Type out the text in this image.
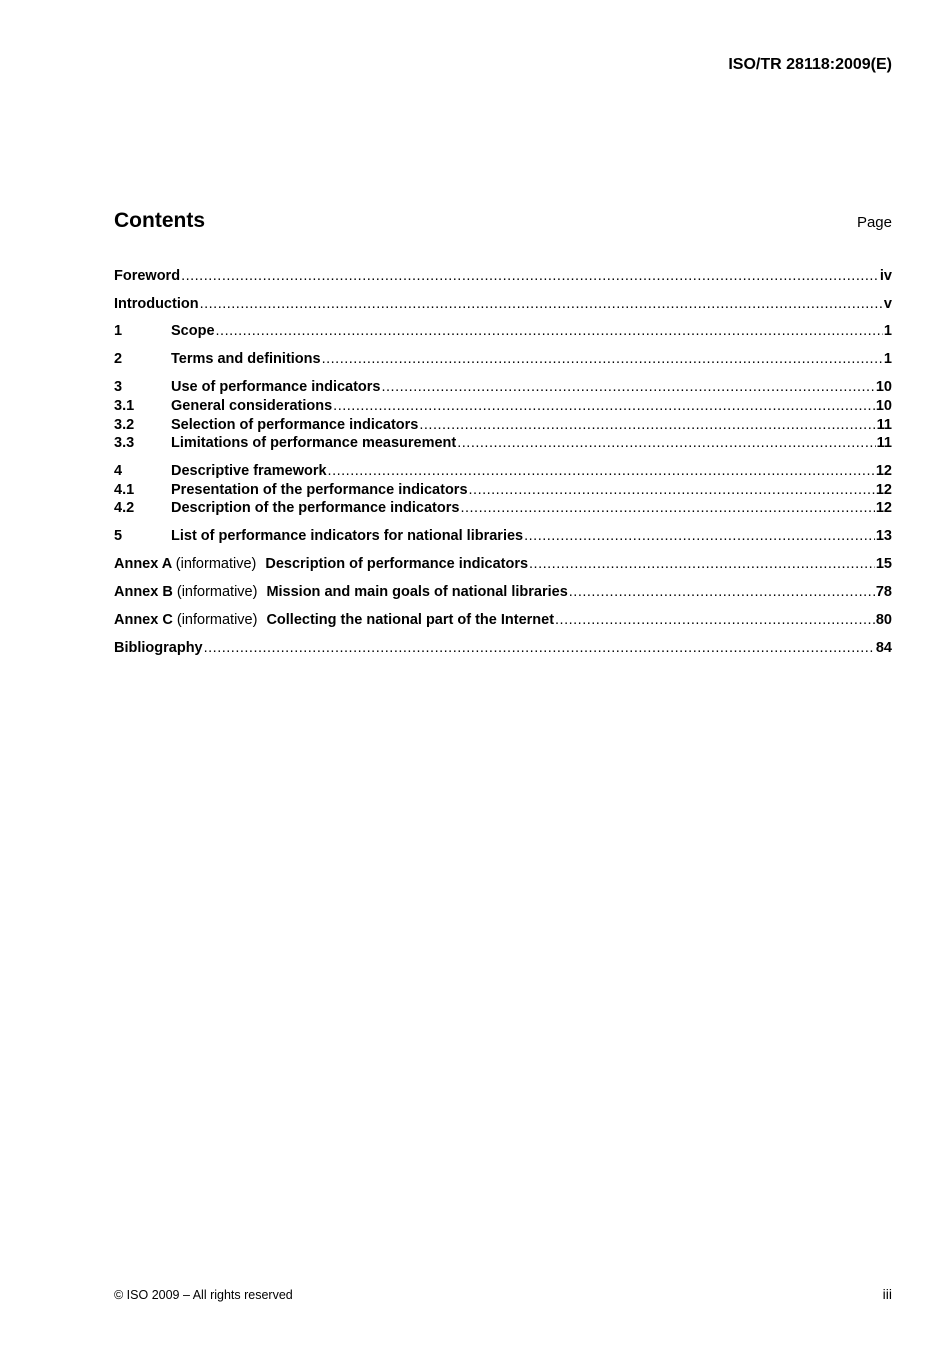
ISO/TR 28118:2009(E)
Contents	Page
Foreword .....	iv
Introduction .....	v
1	Scope .....	1
2	Terms and definitions .....	1
3	Use of performance indicators .....	10
3.1	General considerations .....	10
3.2	Selection of performance indicators .....	11
3.3	Limitations of performance measurement .....	11
4	Descriptive framework .....	12
4.1	Presentation of the performance indicators .....	12
4.2	Description of the performance indicators .....	12
5	List of performance indicators for national libraries .....	13
Annex A (informative) Description of performance indicators .....	15
Annex B (informative) Mission and main goals of national libraries .....	78
Annex C (informative) Collecting the national part of the Internet .....	80
Bibliography .....	84
© ISO 2009 – All rights reserved	iii
